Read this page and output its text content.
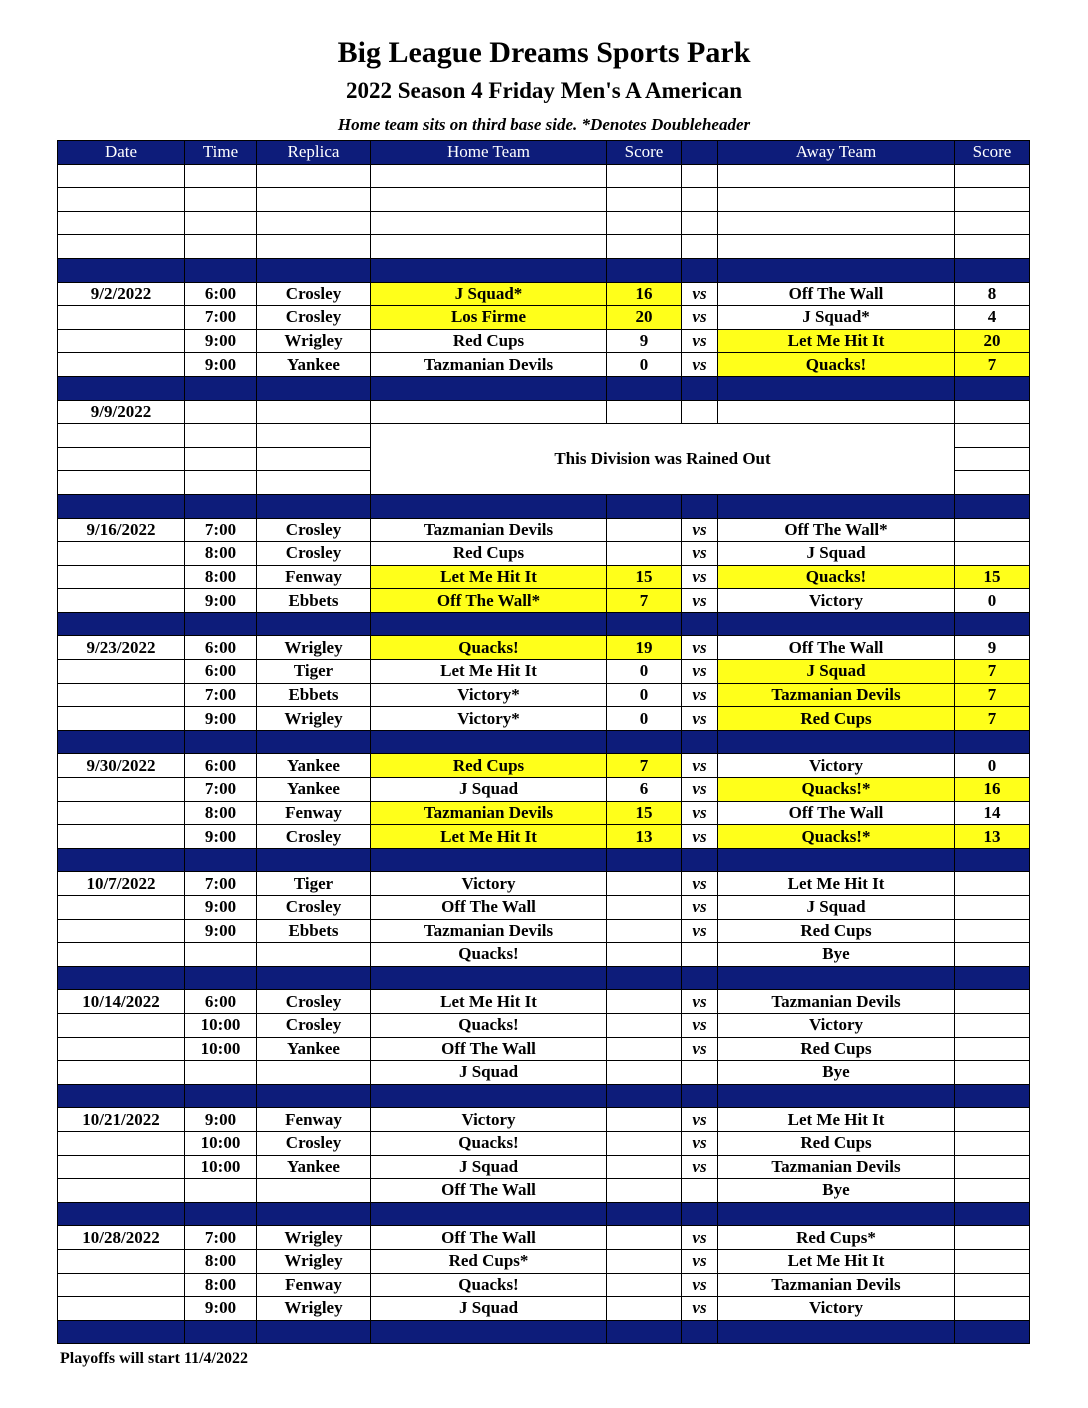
Big League Dreams Sports Park
2022 Season 4 Friday Men's A American
Home team sits on third base side. *Denotes Doubleheader
Date	Time	Replica	Home Team	Score		Away Team	Score

9/2/2022	6:00	Crosley	J Squad*	16	vs	Off The Wall	8
	7:00	Crosley	Los Firme	20	vs	J Squad*	4
	9:00	Wrigley	Red Cups	9	vs	Let Me Hit It	20
	9:00	Yankee	Tazmanian Devils	0	vs	Quacks!	7

9/9/2022							
			This Division was Rained Out				

9/16/2022	7:00	Crosley	Tazmanian Devils		vs	Off The Wall*	
	8:00	Crosley	Red Cups		vs	J Squad	
	8:00	Fenway	Let Me Hit It	15	vs	Quacks!	15
	9:00	Ebbets	Off The Wall*	7	vs	Victory	0

9/23/2022	6:00	Wrigley	Quacks!	19	vs	Off The Wall	9
	6:00	Tiger	Let Me Hit It	0	vs	J Squad	7
	7:00	Ebbets	Victory*	0	vs	Tazmanian Devils	7
	9:00	Wrigley	Victory*	0	vs	Red Cups	7

9/30/2022	6:00	Yankee	Red Cups	7	vs	Victory	0
	7:00	Yankee	J Squad	6	vs	Quacks!*	16
	8:00	Fenway	Tazmanian Devils	15	vs	Off The Wall	14
	9:00	Crosley	Let Me Hit It	13	vs	Quacks!*	13

10/7/2022	7:00	Tiger	Victory		vs	Let Me Hit It	
	9:00	Crosley	Off The Wall		vs	J Squad	
	9:00	Ebbets	Tazmanian Devils		vs	Red Cups	
			Quacks!			Bye	

10/14/2022	6:00	Crosley	Let Me Hit It		vs	Tazmanian Devils	
	10:00	Crosley	Quacks!		vs	Victory	
	10:00	Yankee	Off The Wall		vs	Red Cups	
			J Squad			Bye	

10/21/2022	9:00	Fenway	Victory		vs	Let Me Hit It	
	10:00	Crosley	Quacks!		vs	Red Cups	
	10:00	Yankee	J Squad		vs	Tazmanian Devils	
			Off The Wall			Bye	

10/28/2022	7:00	Wrigley	Off The Wall		vs	Red Cups*	
	8:00	Wrigley	Red Cups*		vs	Let Me Hit It	
	8:00	Fenway	Quacks!		vs	Tazmanian Devils	
	9:00	Wrigley	J Squad		vs	Victory	

Playoffs will start 11/4/2022
